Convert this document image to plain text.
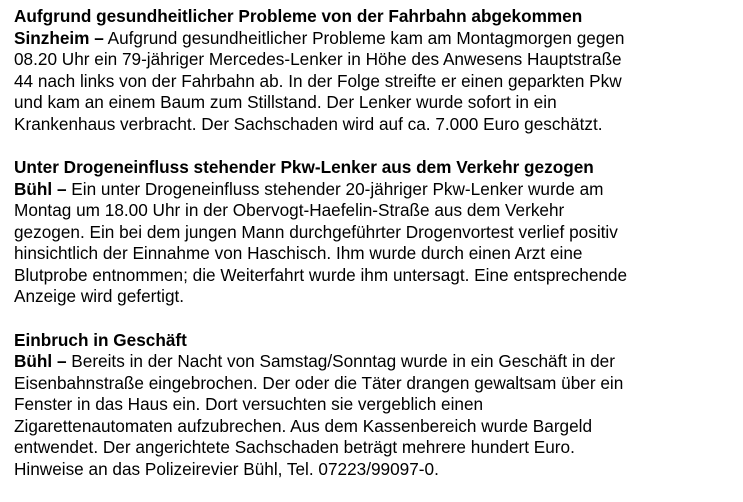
Aufgrund gesundheitlicher Probleme von der Fahrbahn abgekommen

Sinzheim – Aufgrund gesundheitlicher Probleme kam am Montagmorgen gegen
08.20 Uhr ein 79-jähriger Mercedes-Lenker in Höhe des Anwesens Hauptstraße
44 nach links von der Fahrbahn ab. In der Folge streifte er einen geparkten Pkw
und kam an einem Baum zum Stillstand. Der Lenker wurde sofort in ein
Krankenhaus verbracht. Der Sachschaden wird auf ca. 7.000 Euro geschätzt.

Unter Drogeneinfluss stehender Pkw-Lenker aus dem Verkehr gezogen

Bühl – Ein unter Drogeneinfluss stehender 20-jähriger Pkw-Lenker wurde am
Montag um 18.00 Uhr in der Obervogt-Haefelin-Straße aus dem Verkehr
gezogen. Ein bei dem jungen Mann durchgeführter Drogenvortest verlief positiv
hinsichtlich der Einnahme von Haschisch. Ihm wurde durch einen Arzt eine
Blutprobe entnommen; die Weiterfahrt wurde ihm untersagt. Eine entsprechende
Anzeige wird gefertigt.

Einbruch in Geschäft

Bühl – Bereits in der Nacht von Samstag/Sonntag wurde in ein Geschäft in der
Eisenbahnstraße eingebrochen. Der oder die Täter drangen gewaltsam über ein
Fenster in das Haus ein. Dort versuchten sie vergeblich einen
Zigarettenautomaten aufzubrechen. Aus dem Kassenbereich wurde Bargeld
entwendet. Der angerichtete Sachschaden beträgt mehrere hundert Euro.
Hinweise an das Polizeirevier Bühl, Tel. 07223/99097-0.
